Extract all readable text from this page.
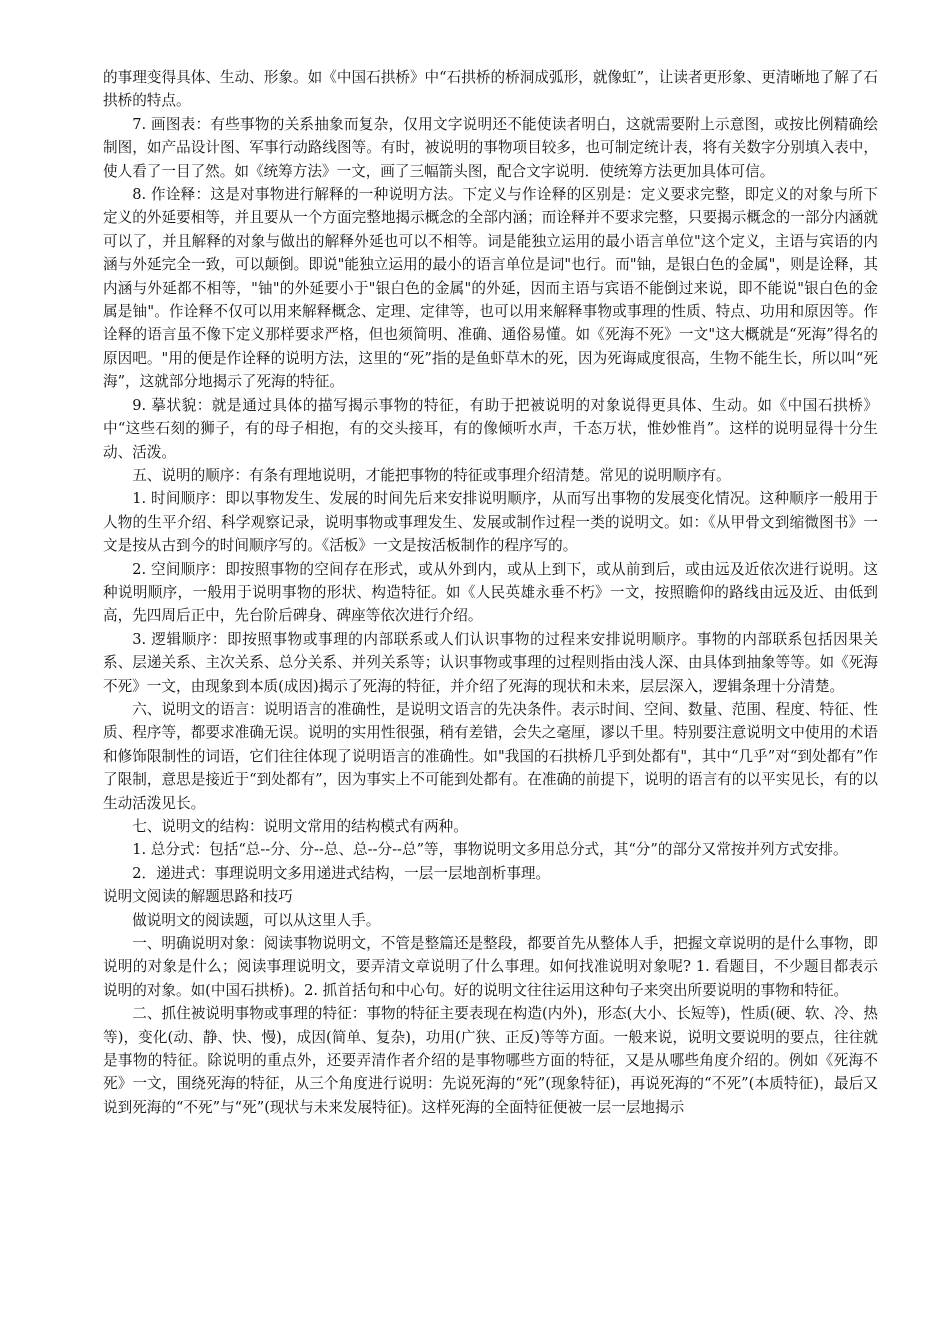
的事理变得具体、生动、形象。如《中国石拱桥》中“石拱桥的桥洞成弧形，就像虹”，让读者更形象、更清晰地了解了石拱桥的特点。

7. 画图表：有些事物的关系抽象而复杂，仅用文字说明还不能使读者明白，这就需要附上示意图，或按比例精确绘制图，如产品设计图、军事行动路线图等。有时，被说明的事物项目较多，也可制定统计表，将有关数字分别填入表中，使人看了一目了然。如《统筹方法》一文，画了三幅箭头图，配合文字说明．使统筹方法更加具体可信。

8. 作诠释：这是对事物进行解释的一种说明方法。下定义与作诠释的区别是：定义要求完整，即定义的对象与所下定义的外延要相等，并且要从一个方面完整地揭示概念的全部内涵；而诠释并不要求完整，只要揭示概念的一部分内涵就可以了，并且解释的对象与做出的解释外延也可以不相等。词是能独立运用的最小语言单位"这个定义，主语与宾语的内涵与外延完全一致，可以颠倒。即说"能独立运用的最小的语言单位是词"也行。而"铀，是银白色的金属"，则是诠释，其内涵与外延都不相等，"铀"的外延要小于"银白色的金属"的外延，因而主语与宾语不能倒过来说，即不能说"银白色的金属是铀"。作诠释不仅可以用来解释概念、定理、定律等，也可以用来解释事物或事理的性质、特点、功用和原因等。作诠释的语言虽不像下定义那样要求严格，但也须简明、准确、通俗易懂。如《死海不死》一文"这大概就是“死海”得名的原因吧。"用的便是作诠释的说明方法，这里的“死”指的是鱼虾草木的死，因为死诲咸度很高，生物不能生长，所以叫“死海”，这就部分地揭示了死海的特征。

9. 摹状貌：就是通过具体的描写揭示事物的特征，有助于把被说明的对象说得更具体、生动。如《中国石拱桥》中“这些石刻的狮子，有的母子相抱，有的交头接耳，有的像倾听水声，千态万状，惟妙惟肖”。这样的说明显得十分生动、活泼。

五、说明的顺序：有条有理地说明，才能把事物的特征或事理介绍清楚。常见的说明顺序有。

1. 时间顺序：即以事物发生、发展的时间先后来安排说明顺序，从而写出事物的发展变化情况。这种顺序一般用于人物的生平介绍、科学观察记录，说明事物或事理发生、发展或制作过程一类的说明文。如：《从甲骨文到缩微图书》一文是按从古到今的时间顺序写的。《活板》一文是按活板制作的程序写的。

2. 空间顺序：即按照事物的空间存在形式，或从外到内，或从上到下，或从前到后，或由远及近依次进行说明。这种说明顺序，一般用于说明事物的形状、构造特征。如《人民英雄永垂不朽》一文，按照瞻仰的路线由远及近、由低到高，先四周后正中，先台阶后碑身、碑座等依次进行介绍。

3. 逻辑顺序：即按照事物或事理的内部联系或人们认识事物的过程来安排说明顺序。事物的内部联系包括因果关系、层递关系、主次关系、总分关系、并列关系等；认识事物或事理的过程则指由浅人深、由具体到抽象等等。如《死海不死》一文，由现象到本质(成因)揭示了死海的特征，并介绍了死海的现状和未来，层层深入，逻辑条理十分清楚。

六、说明文的语言：说明语言的准确性，是说明文语言的先决条件。表示时间、空间、数量、范围、程度、特征、性质、程序等，都要求准确无误。说明的实用性很强，稍有差错，会失之毫厘，谬以千里。特别要注意说明文中使用的术语和修饰限制性的词语，它们往往体现了说明语言的准确性。如"我国的石拱桥几乎到处都有"，其中“几乎”对“到处都有”作了限制，意思是接近于“到处都有”，因为事实上不可能到处都有。在准确的前提下，说明的语言有的以平实见长，有的以生动活泼见长。

七、说明文的结构：说明文常用的结构模式有两种。

1. 总分式：包括“总--分、分--总、总--分--总”等，事物说明文多用总分式，其“分”的部分又常按并列方式安排。

2．递进式：事理说明文多用递进式结构，一层一层地剖析事理。

说明文阅读的解题思路和技巧

做说明文的阅读题，可以从这里人手。

一、明确说明对象：阅读事物说明文，不管是整篇还是整段，都要首先从整体人手，把握文章说明的是什么事物，即说明的对象是什么；阅读事理说明文，要弄清文章说明了什么事理。如何找准说明对象呢? 1. 看题目，不少题目都表示说明的对象。如(中国石拱桥)。2. 抓首括句和中心句。好的说明文往往运用这种句子来突出所要说明的事物和特征。

二、抓住被说明事物或事理的特征：事物的特征主要表现在构造(内外)，形态(大小、长短等)，性质(硬、软、冷、热等)，变化(动、静、快、慢)，成因(简单、复杂)，功用(广狭、正反)等等方面。一般来说，说明文要说明的要点，往往就是事物的特征。除说明的重点外，还要弄清作者介绍的是事物哪些方面的特征，又是从哪些角度介绍的。例如《死海不死》一文，围绕死海的特征，从三个角度进行说明：先说死海的“死”(现象特征)，再说死海的“不死”(本质特征)，最后又说到死海的“不死”与“死”(现状与未来发展特征)。这样死海的全面特征便被一层一层地揭示
